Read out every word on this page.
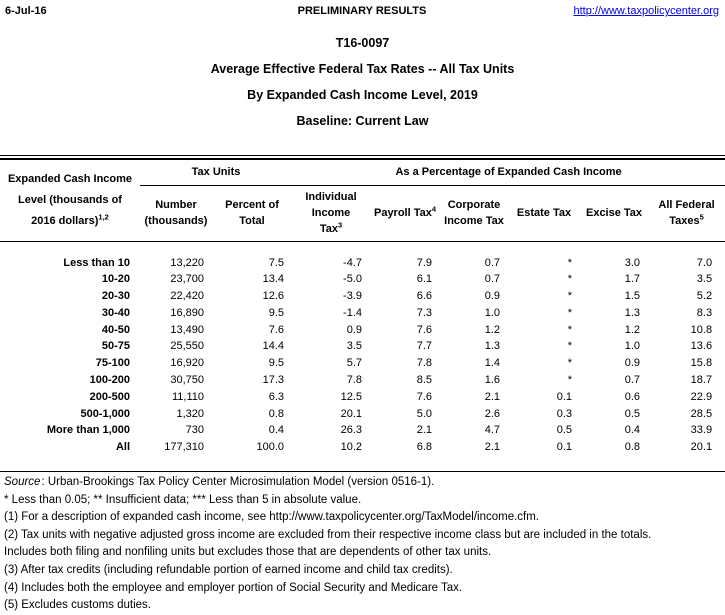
6-Jul-16	PRELIMINARY RESULTS	http://www.taxpolicycenter.org
T16-0097
Average Effective Federal Tax Rates -- All Tax Units
By Expanded Cash Income Level, 2019
Baseline: Current Law
Expanded Cash Income
Level (thousands of
2016 dollars)$^{1,2}$	Tax Units		As a Percentage of Expanded Cash Income					

Number
(thousands)

Percent of
Total

Individual
Income
Tax$^3$

Payroll Tax$^4$	Corporate
Income Tax

Estate Tax	Excise Tax

All Federal
Taxes$^5$

Less than 10	13,220	7.5	-4.7	7.9	0.7	*	3.0	7.0
10-20	23,700	13.4	-5.0	6.1	0.7	*	1.7	3.5
20-30	22,420	12.6	-3.9	6.6	0.9	*	1.5	5.2
30-40	16,890	9.5	-1.4	7.3	1.0	*	1.3	8.3
40-50	13,490	7.6	0.9	7.6	1.2	*	1.2	10.8
50-75	25,550	14.4	3.5	7.7	1.3	*	1.0	13.6
75-100	16,920	9.5	5.7	7.8	1.4	*	0.9	15.8
100-200	30,750	17.3	7.8	8.5	1.6	*	0.7	18.7
200-500	11,110	6.3	12.5	7.6	2.1	0.1	0.6	22.9
500-1,000	1,320	0.8	20.1	5.0	2.6	0.3	0.5	28.5
More than 1,000	730	0.4	26.3	2.1	4.7	0.5	0.4	33.9
All	177,310	100.0	10.2	6.8	2.1	0.1	0.8	20.1
Source: Urban-Brookings Tax Policy Center Microsimulation Model (version 0516-1).
* Less than 0.05; ** Insufficient data; *** Less than 5 in absolute value.
(1) For a description of expanded cash income, see http://www.taxpolicycenter.org/TaxModel/income.cfm.
(2) Tax units with negative adjusted gross income are excluded from their respective income class but are included in the totals.
Includes both filing and nonfiling units but excludes those that are dependents of other tax units.
(3) After tax credits (including refundable portion of earned income and child tax credits).
(4) Includes both the employee and employer portion of Social Security and Medicare Tax.
(5) Excludes customs duties.
